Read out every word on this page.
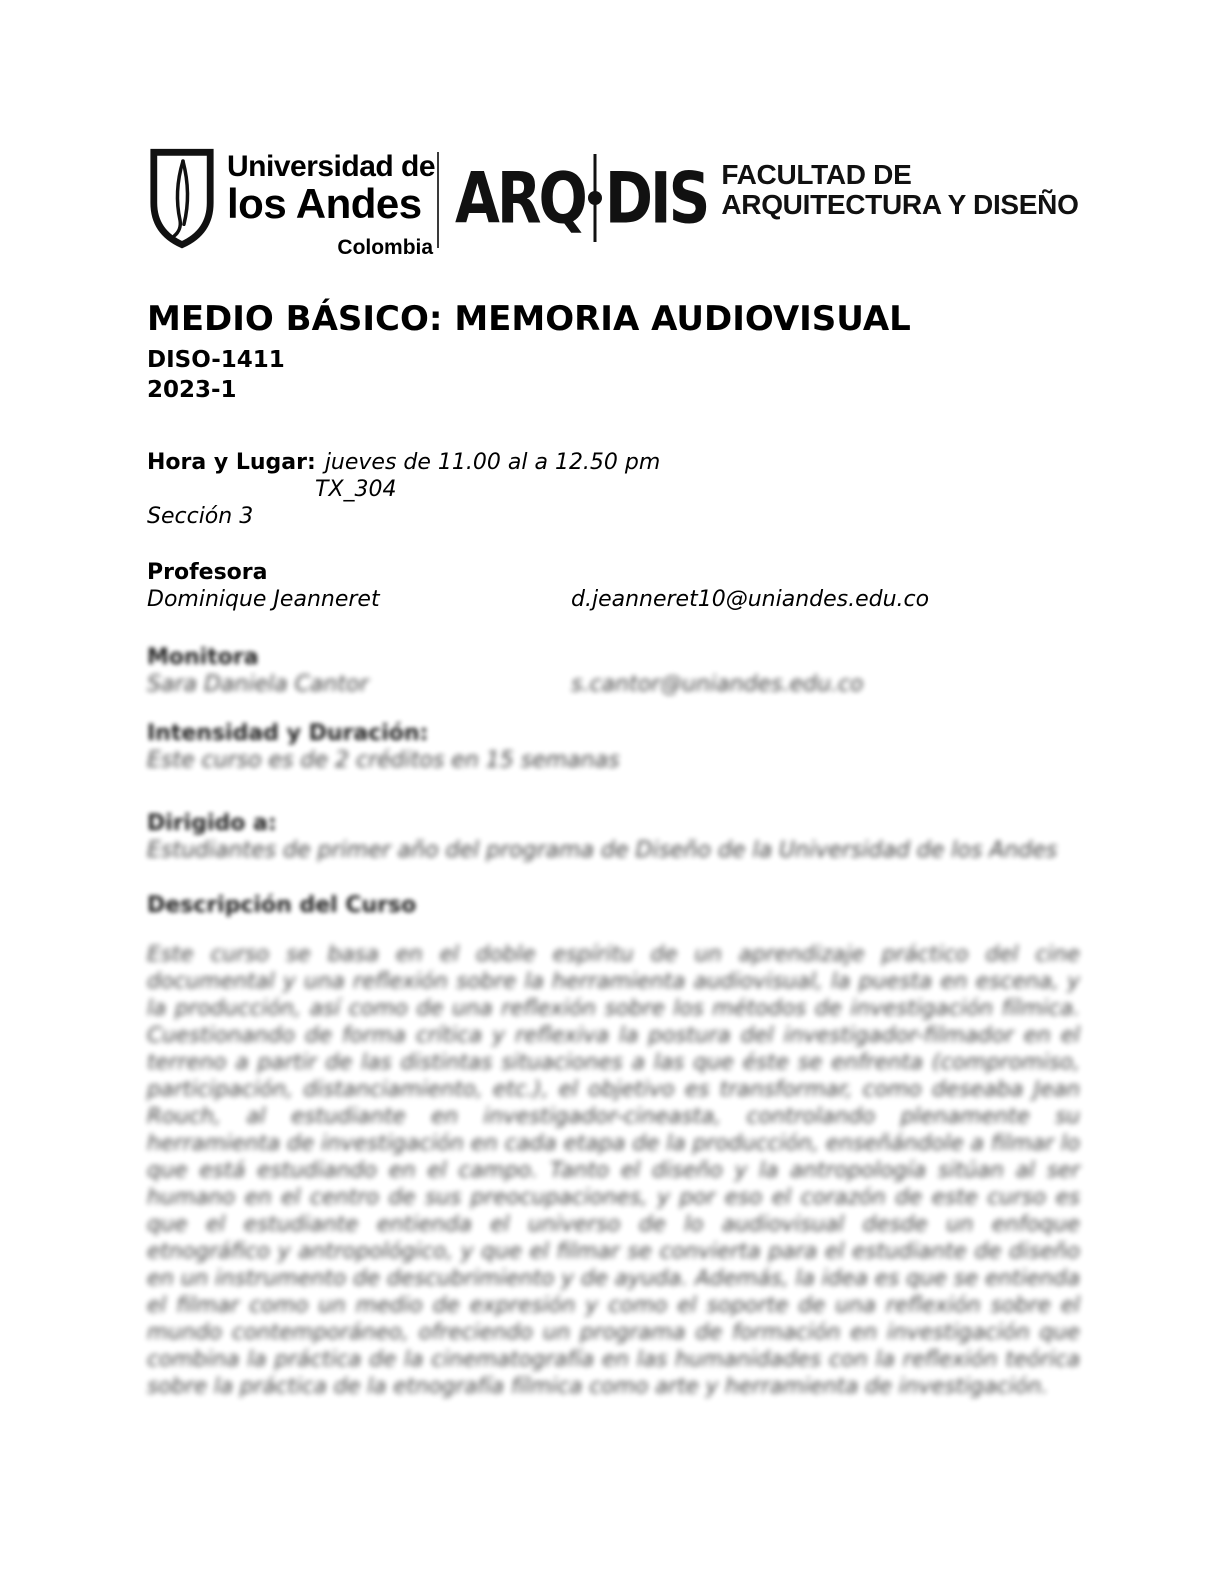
Universidad de
los Andes
Colombia
ARQ DIS FACULTAD DE
ARQUITECTURA Y DISEÑO
MEDIO BÁSICO: MEMORIA AUDIOVISUAL
DISO-1411
2023-1
Hora y Lugar: jueves de 11.00 al a 12.50 pm
TX_304
Sección 3
Profesora
Dominique Jeanneret	d.jeanneret10@uniandes.edu.co
Monitora
Sara Daniela Cantor	s.cantor@uniandes.edu.co
Intensidad y Duración:
Este curso es de 2 créditos en 15 semanas
Dirigido a:
Estudiantes de primer año del programa de Diseño de la Universidad de los Andes
Descripción del Curso

Este curso se basa en el doble espíritu de un aprendizaje práctico del cine documental y una reflexión sobre la herramienta audiovisual, la puesta en escena, y la producción, así como de una reflexión sobre los métodos de investigación fílmica. Cuestionando de forma crítica y reflexiva la postura del investigador-filmador en el terreno a partir de las distintas situaciones a las que éste se enfrenta (compromiso, participación, distanciamiento, etc.), el objetivo es transformar, como deseaba Jean Rouch, al estudiante en investigador-cineasta, controlando plenamente su herramienta de investigación en cada etapa de la producción, enseñándole a filmar lo que está estudiando en el campo. Tanto el diseño y la antropología sitúan al ser humano en el centro de sus preocupaciones, y por eso el corazón de este curso es que el estudiante entienda el universo de lo audiovisual desde un enfoque etnográfico y antropológico, y que el filmar se convierta para el estudiante de diseño en un instrumento de descubrimiento y de ayuda. Además, la idea es que se entienda el filmar como un medio de expresión y como el soporte de una reflexión sobre el mundo contemporáneo, ofreciendo un programa de formación en investigación que combina la práctica de la cinematografía en las humanidades con la reflexión teórica sobre la práctica de la etnografía fílmica como arte y herramienta de investigación.
